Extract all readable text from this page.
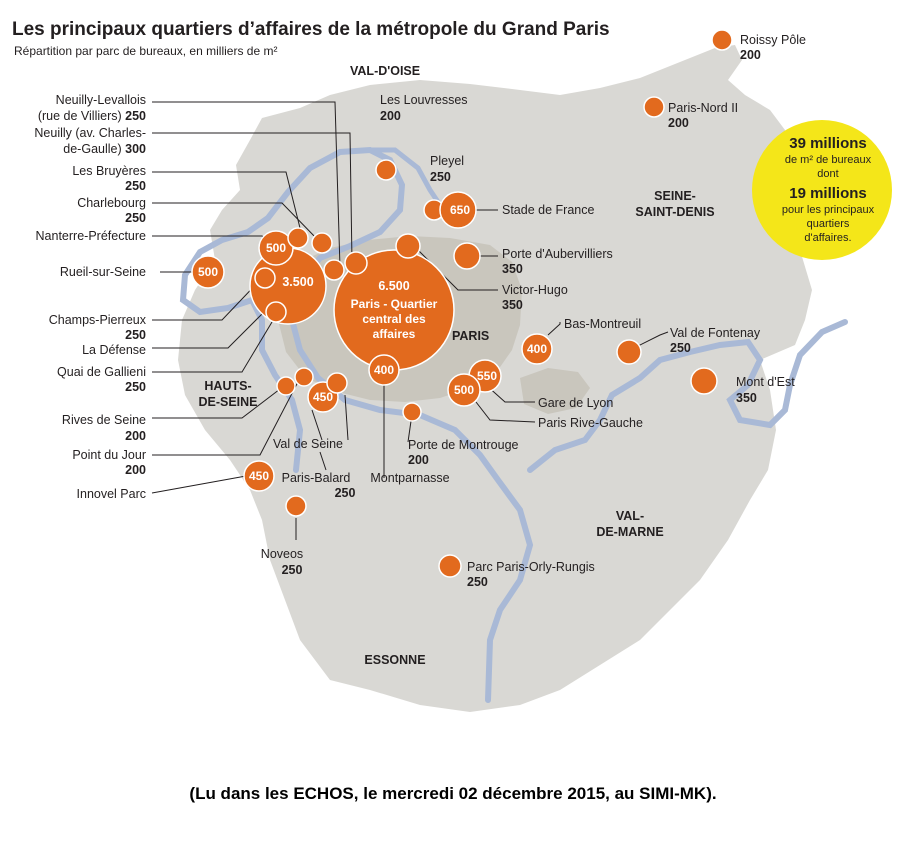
Les principaux quartiers d’affaires de la métropole du Grand Paris
Répartition par parc de bureaux, en milliers de m²
39 millions
de m² de bureaux
dont
19 millions
pour les principaux
quartiers
d'affaires.
VAL-D'OISE
SEINE-
SAINT-DENIS
PARIS
HAUTS-
DE-SEINE
VAL-
DE-MARNE
ESSONNE
Neuilly-Levallois
(rue de Villiers) 250
Neuilly (av. Charles-
de-Gaulle) 300
Les Bruyères
250
Charlebourg
250
Nanterre-Préfecture
Rueil-sur-Seine
Champs-Pierreux
250
La Défense
Quai de Gallieni
250
Rives de Seine
200
Point du Jour
200
Innovel Parc
Val de Seine
Paris-Balard
250
Noveos
250
Montparnasse
Porte de Montrouge
200
Les Louvresses
200
Pleyel
250
Stade de France
Porte d'Aubervilliers
350
Victor-Hugo
350
Bas-Montreuil
Gare de Lyon
Paris Rive-Gauche
Val de Fontenay
250
Mont d'Est
350
Roissy Pôle
200
Paris-Nord II
200
Parc Paris-Orly-Rungis
250
6.500
Paris - Quartier
central des
affaires
3.500
500
500
450
400
450
650
400
550
500
(Lu dans les ECHOS, le mercredi 02 décembre 2015, au SIMI-MK).
